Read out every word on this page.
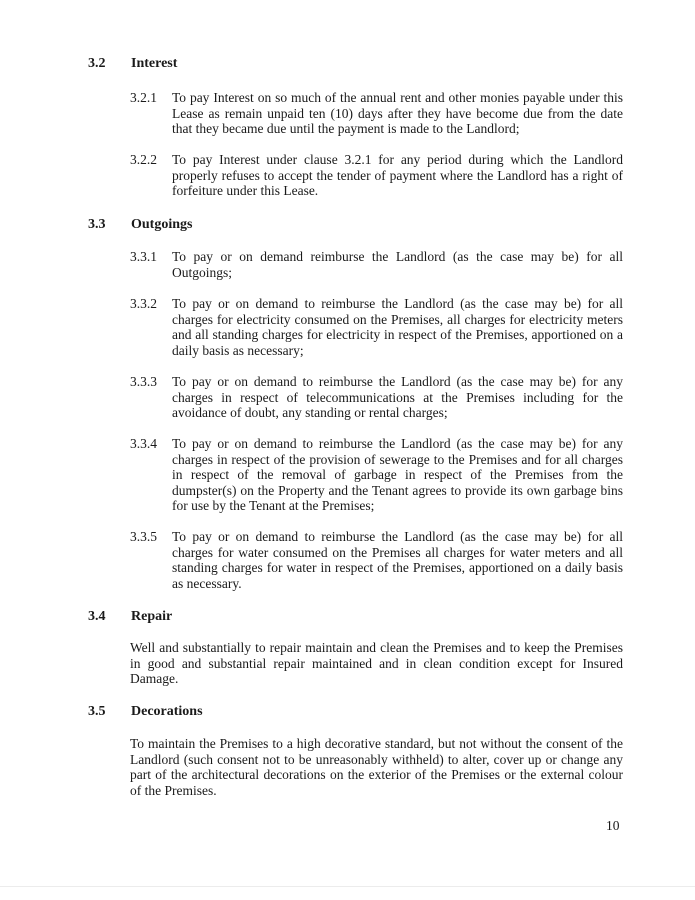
3.2	Interest
3.2.1	To pay Interest on so much of the annual rent and other monies payable under this Lease as remain unpaid ten (10) days after they have become due from the date that they became due until the payment is made to the Landlord;
3.2.2	To pay Interest under clause 3.2.1 for any period during which the Landlord properly refuses to accept the tender of payment where the Landlord has a right of forfeiture under this Lease.
3.3	Outgoings
3.3.1	To pay or on demand reimburse the Landlord (as the case may be) for all Outgoings;
3.3.2	To pay or on demand to reimburse the Landlord (as the case may be) for all charges for electricity consumed on the Premises, all charges for electricity meters and all standing charges for electricity in respect of the Premises, apportioned on a daily basis as necessary;
3.3.3	To pay or on demand to reimburse the Landlord (as the case may be) for any charges in respect of telecommunications at the Premises including for the avoidance of doubt, any standing or rental charges;
3.3.4	To pay or on demand to reimburse the Landlord (as the case may be) for any charges in respect of the provision of sewerage to the Premises and for all charges in respect of the removal of garbage in respect of the Premises from the dumpster(s) on the Property and the Tenant agrees to provide its own garbage bins for use by the Tenant at the Premises;
3.3.5	To pay or on demand to reimburse the Landlord (as the case may be) for all charges for water consumed on the Premises all charges for water meters and all standing charges for water in respect of the Premises, apportioned on a daily basis as necessary.
3.4	Repair
Well and substantially to repair maintain and clean the Premises and to keep the Premises in good and substantial repair maintained and in clean condition except for Insured Damage.
3.5	Decorations
To maintain the Premises to a high decorative standard, but not without the consent of the Landlord (such consent not to be unreasonably withheld) to alter, cover up or change any part of the architectural decorations on the exterior of the Premises or the external colour of the Premises.
10
